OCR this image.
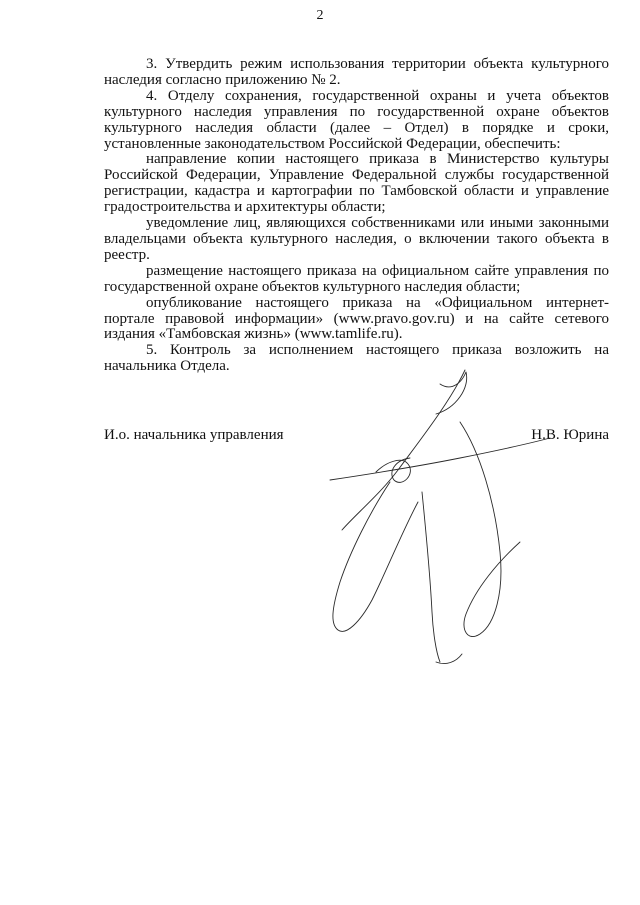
2

3. Утвердить режим использования территории объекта культурного наследия согласно приложению № 2.

4. Отделу сохранения, государственной охраны и учета объектов культурного наследия управления по государственной охране объектов культурного наследия области (далее – Отдел) в порядке и сроки, установленные законодательством Российской Федерации, обеспечить:

направление копии настоящего приказа в Министерство культуры Российской Федерации, Управление Федеральной службы государственной регистрации, кадастра и картографии по Тамбовской области и управление градостроительства и архитектуры области;

уведомление лиц, являющихся собственниками или иными законными владельцами объекта культурного наследия, о включении такого объекта в реестр.

размещение настоящего приказа на официальном сайте управления по государственной охране объектов культурного наследия области;

опубликование настоящего приказа на «Официальном интернет-портале правовой информации» (www.pravo.gov.ru) и на сайте сетевого издания «Тамбовская жизнь» (www.tamlife.ru).

5. Контроль за исполнением настоящего приказа возложить на начальника Отдела.

И.о. начальника управления	Н.В. Юрина
